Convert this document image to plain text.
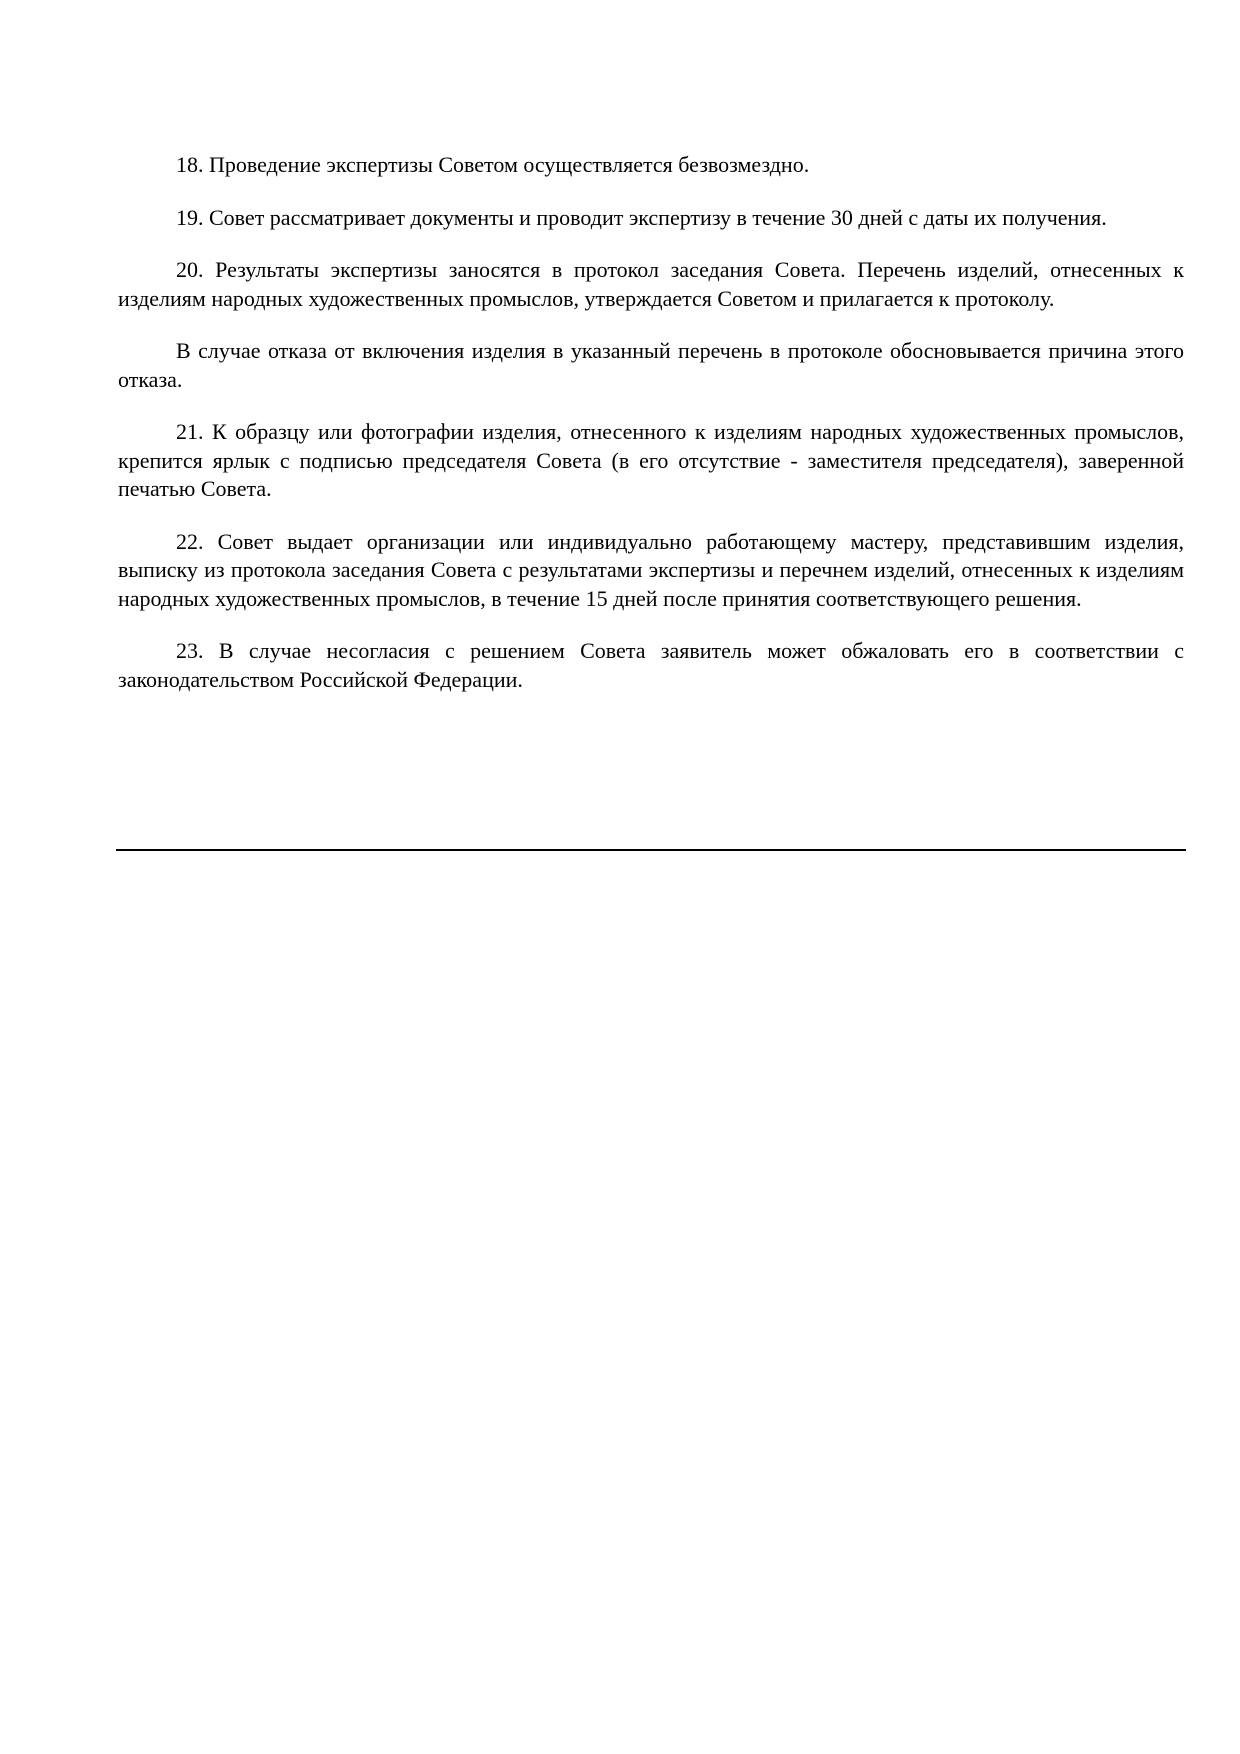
18. Проведение экспертизы Советом осуществляется безвозмездно.

19. Совет рассматривает документы и проводит экспертизу в течение 30 дней с даты их получения.

20. Результаты экспертизы заносятся в протокол заседания Совета. Перечень изделий, отнесенных к изделиям народных художественных промыслов, утверждается Советом и прилагается к протоколу.

В случае отказа от включения изделия в указанный перечень в протоколе обосновывается причина этого отказа.

21. К образцу или фотографии изделия, отнесенного к изделиям народных художественных промыслов, крепится ярлык с подписью председателя Совета (в его отсутствие - заместителя председателя), заверенной печатью Совета.

22. Совет выдает организации или индивидуально работающему мастеру, представившим изделия, выписку из протокола заседания Совета с результатами экспертизы и перечнем изделий, отнесенных к изделиям народных художественных промыслов, в течение 15 дней после принятия соответствующего решения.

23. В случае несогласия с решением Совета заявитель может обжаловать его в соответствии с законодательством Российской Федерации.
